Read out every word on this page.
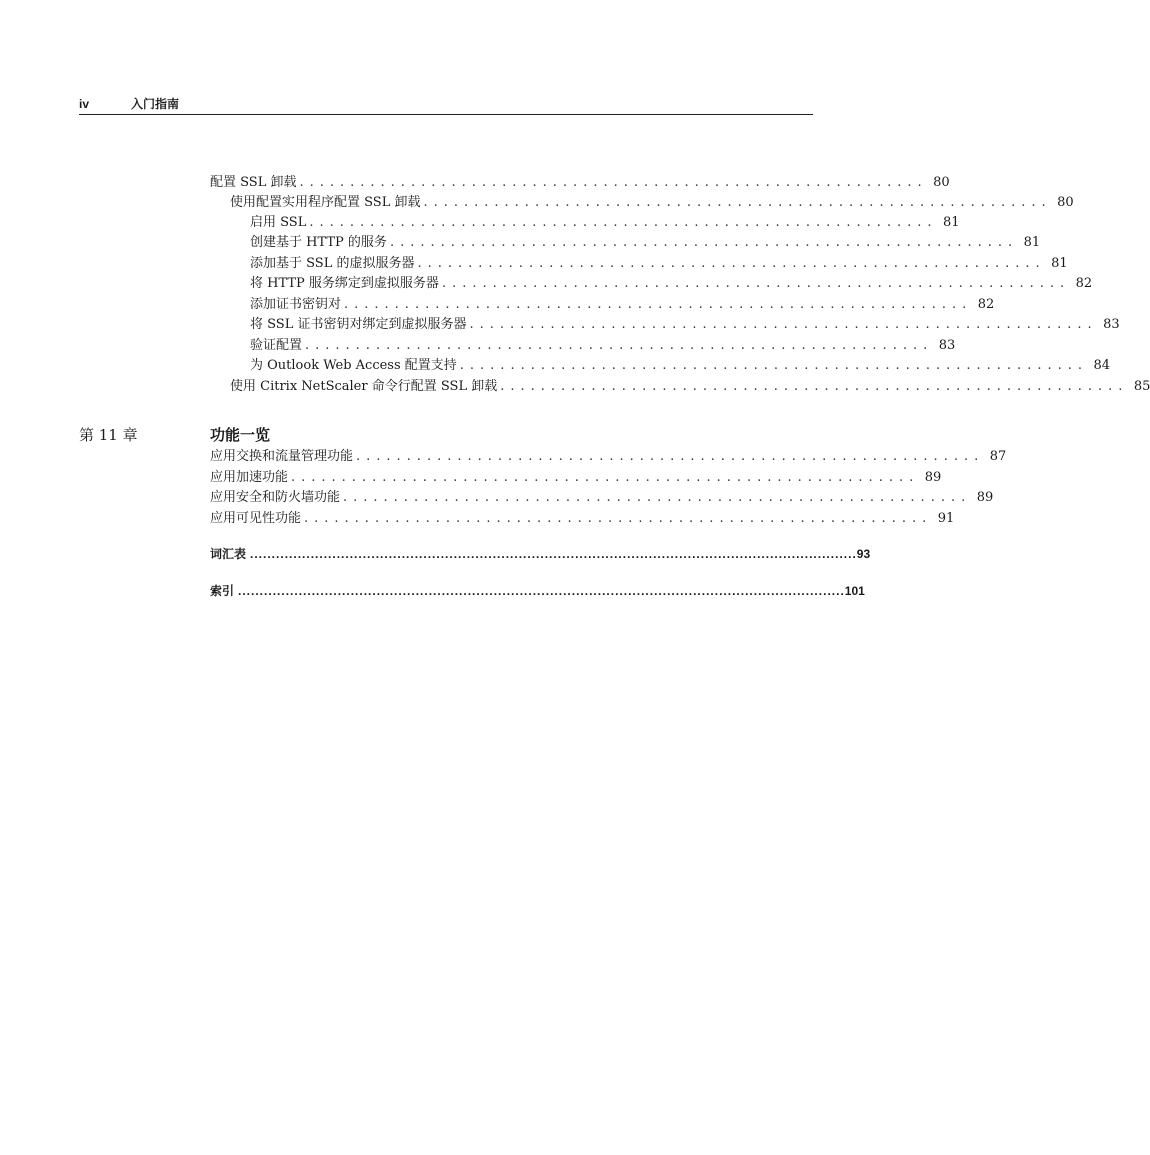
iv	入门指南
配置 SSL 卸载 .............................................................. 80
使用配置实用程序配置 SSL 卸载 .............................................................. 80
启用 SSL .............................................................. 81
创建基于 HTTP 的服务 .............................................................. 81
添加基于 SSL 的虚拟服务器 .............................................................. 81
将 HTTP 服务绑定到虚拟服务器 .............................................................. 82
添加证书密钥对 .............................................................. 82
将 SSL 证书密钥对绑定到虚拟服务器 .............................................................. 83
验证配置 .............................................................. 83
为 Outlook Web Access 配置支持 .............................................................. 84
使用 Citrix NetScaler 命令行配置 SSL 卸载 .............................................................. 85
第 11 章	功能一览
应用交换和流量管理功能 .............................................................. 87
应用加速功能 .............................................................. 89
应用安全和防火墙功能 .............................................................. 89
应用可见性功能 .............................................................. 91
词汇表 ............................................................................................................................................ 93
索引 ............................................................................................................................................ 101
